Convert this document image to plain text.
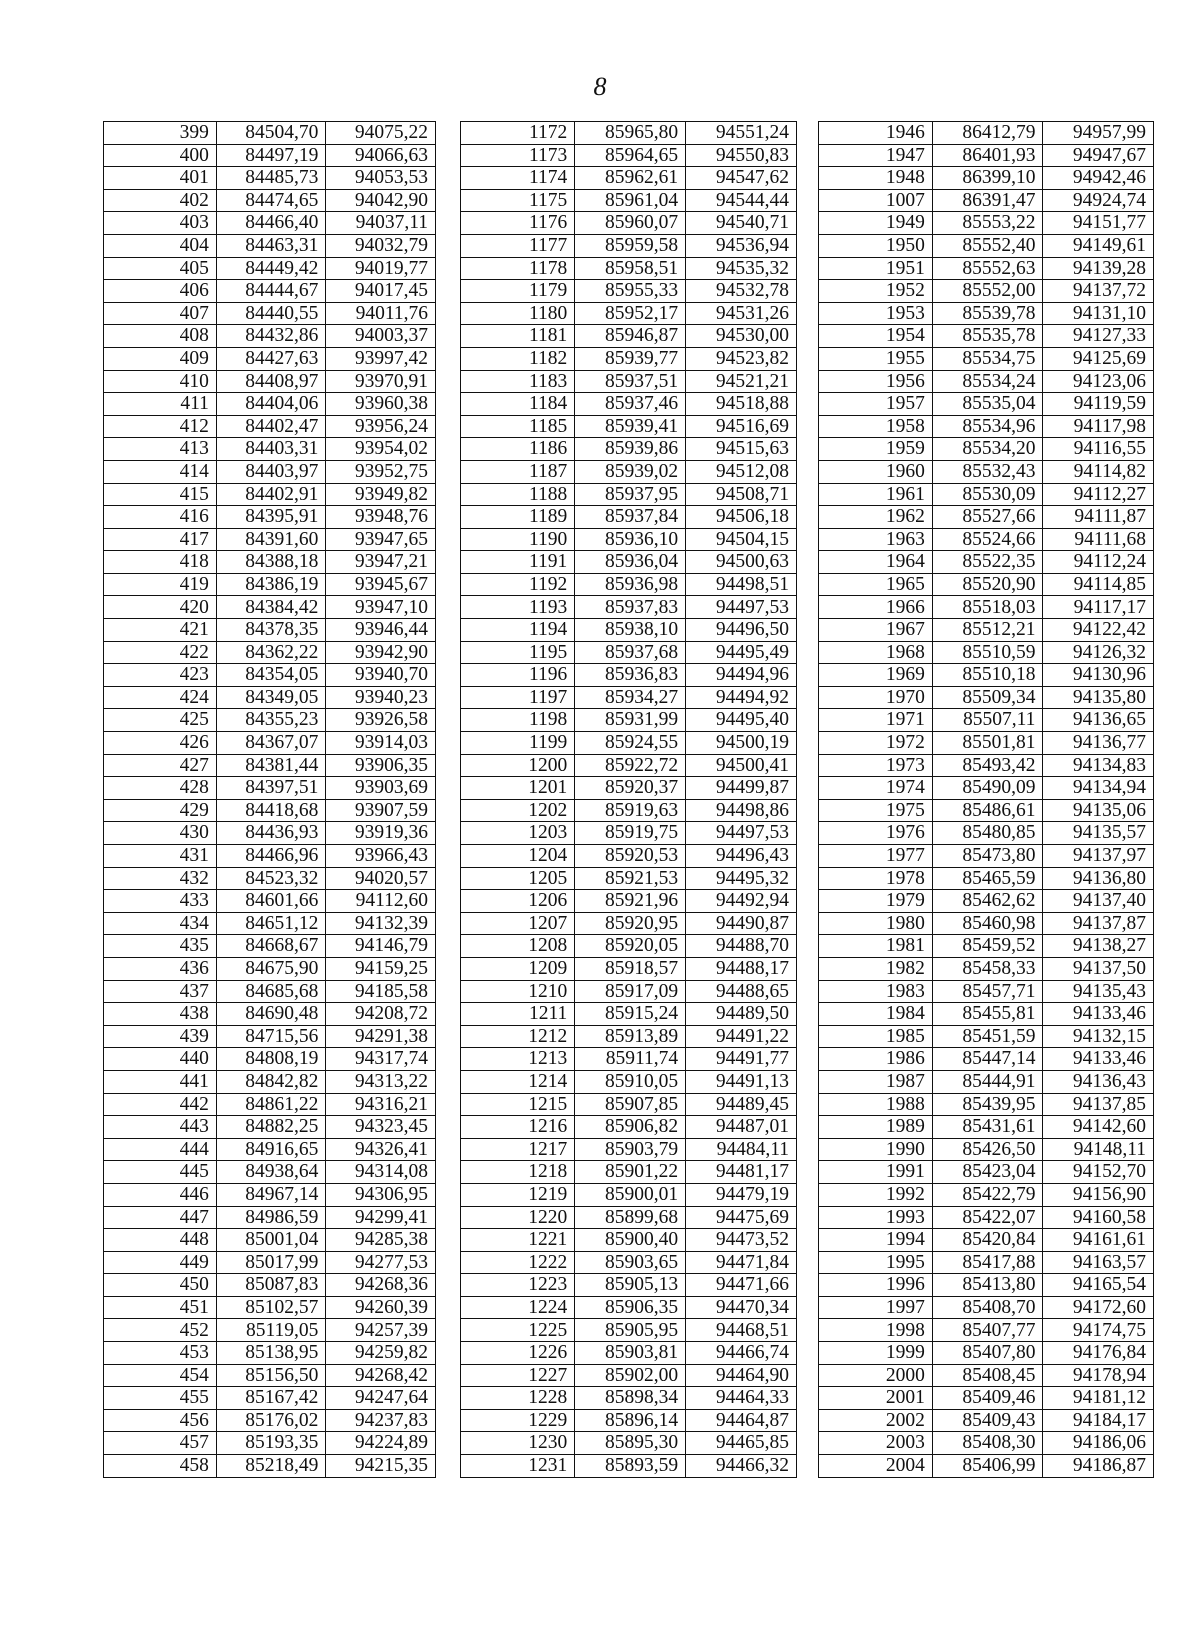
8
399	84504,70	94075,22
400	84497,19	94066,63
401	84485,73	94053,53
402	84474,65	94042,90
403	84466,40	94037,11
404	84463,31	94032,79
405	84449,42	94019,77
406	84444,67	94017,45
407	84440,55	94011,76
408	84432,86	94003,37
409	84427,63	93997,42
410	84408,97	93970,91
411	84404,06	93960,38
412	84402,47	93956,24
413	84403,31	93954,02
414	84403,97	93952,75
415	84402,91	93949,82
416	84395,91	93948,76
417	84391,60	93947,65
418	84388,18	93947,21
419	84386,19	93945,67
420	84384,42	93947,10
421	84378,35	93946,44
422	84362,22	93942,90
423	84354,05	93940,70
424	84349,05	93940,23
425	84355,23	93926,58
426	84367,07	93914,03
427	84381,44	93906,35
428	84397,51	93903,69
429	84418,68	93907,59
430	84436,93	93919,36
431	84466,96	93966,43
432	84523,32	94020,57
433	84601,66	94112,60
434	84651,12	94132,39
435	84668,67	94146,79
436	84675,90	94159,25
437	84685,68	94185,58
438	84690,48	94208,72
439	84715,56	94291,38
440	84808,19	94317,74
441	84842,82	94313,22
442	84861,22	94316,21
443	84882,25	94323,45
444	84916,65	94326,41
445	84938,64	94314,08
446	84967,14	94306,95
447	84986,59	94299,41
448	85001,04	94285,38
449	85017,99	94277,53
450	85087,83	94268,36
451	85102,57	94260,39
452	85119,05	94257,39
453	85138,95	94259,82
454	85156,50	94268,42
455	85167,42	94247,64
456	85176,02	94237,83
457	85193,35	94224,89
458	85218,49	94215,35
1172	85965,80	94551,24
1173	85964,65	94550,83
1174	85962,61	94547,62
1175	85961,04	94544,44
1176	85960,07	94540,71
1177	85959,58	94536,94
1178	85958,51	94535,32
1179	85955,33	94532,78
1180	85952,17	94531,26
1181	85946,87	94530,00
1182	85939,77	94523,82
1183	85937,51	94521,21
1184	85937,46	94518,88
1185	85939,41	94516,69
1186	85939,86	94515,63
1187	85939,02	94512,08
1188	85937,95	94508,71
1189	85937,84	94506,18
1190	85936,10	94504,15
1191	85936,04	94500,63
1192	85936,98	94498,51
1193	85937,83	94497,53
1194	85938,10	94496,50
1195	85937,68	94495,49
1196	85936,83	94494,96
1197	85934,27	94494,92
1198	85931,99	94495,40
1199	85924,55	94500,19
1200	85922,72	94500,41
1201	85920,37	94499,87
1202	85919,63	94498,86
1203	85919,75	94497,53
1204	85920,53	94496,43
1205	85921,53	94495,32
1206	85921,96	94492,94
1207	85920,95	94490,87
1208	85920,05	94488,70
1209	85918,57	94488,17
1210	85917,09	94488,65
1211	85915,24	94489,50
1212	85913,89	94491,22
1213	85911,74	94491,77
1214	85910,05	94491,13
1215	85907,85	94489,45
1216	85906,82	94487,01
1217	85903,79	94484,11
1218	85901,22	94481,17
1219	85900,01	94479,19
1220	85899,68	94475,69
1221	85900,40	94473,52
1222	85903,65	94471,84
1223	85905,13	94471,66
1224	85906,35	94470,34
1225	85905,95	94468,51
1226	85903,81	94466,74
1227	85902,00	94464,90
1228	85898,34	94464,33
1229	85896,14	94464,87
1230	85895,30	94465,85
1231	85893,59	94466,32
1946	86412,79	94957,99
1947	86401,93	94947,67
1948	86399,10	94942,46
1007	86391,47	94924,74
1949	85553,22	94151,77
1950	85552,40	94149,61
1951	85552,63	94139,28
1952	85552,00	94137,72
1953	85539,78	94131,10
1954	85535,78	94127,33
1955	85534,75	94125,69
1956	85534,24	94123,06
1957	85535,04	94119,59
1958	85534,96	94117,98
1959	85534,20	94116,55
1960	85532,43	94114,82
1961	85530,09	94112,27
1962	85527,66	94111,87
1963	85524,66	94111,68
1964	85522,35	94112,24
1965	85520,90	94114,85
1966	85518,03	94117,17
1967	85512,21	94122,42
1968	85510,59	94126,32
1969	85510,18	94130,96
1970	85509,34	94135,80
1971	85507,11	94136,65
1972	85501,81	94136,77
1973	85493,42	94134,83
1974	85490,09	94134,94
1975	85486,61	94135,06
1976	85480,85	94135,57
1977	85473,80	94137,97
1978	85465,59	94136,80
1979	85462,62	94137,40
1980	85460,98	94137,87
1981	85459,52	94138,27
1982	85458,33	94137,50
1983	85457,71	94135,43
1984	85455,81	94133,46
1985	85451,59	94132,15
1986	85447,14	94133,46
1987	85444,91	94136,43
1988	85439,95	94137,85
1989	85431,61	94142,60
1990	85426,50	94148,11
1991	85423,04	94152,70
1992	85422,79	94156,90
1993	85422,07	94160,58
1994	85420,84	94161,61
1995	85417,88	94163,57
1996	85413,80	94165,54
1997	85408,70	94172,60
1998	85407,77	94174,75
1999	85407,80	94176,84
2000	85408,45	94178,94
2001	85409,46	94181,12
2002	85409,43	94184,17
2003	85408,30	94186,06
2004	85406,99	94186,87
